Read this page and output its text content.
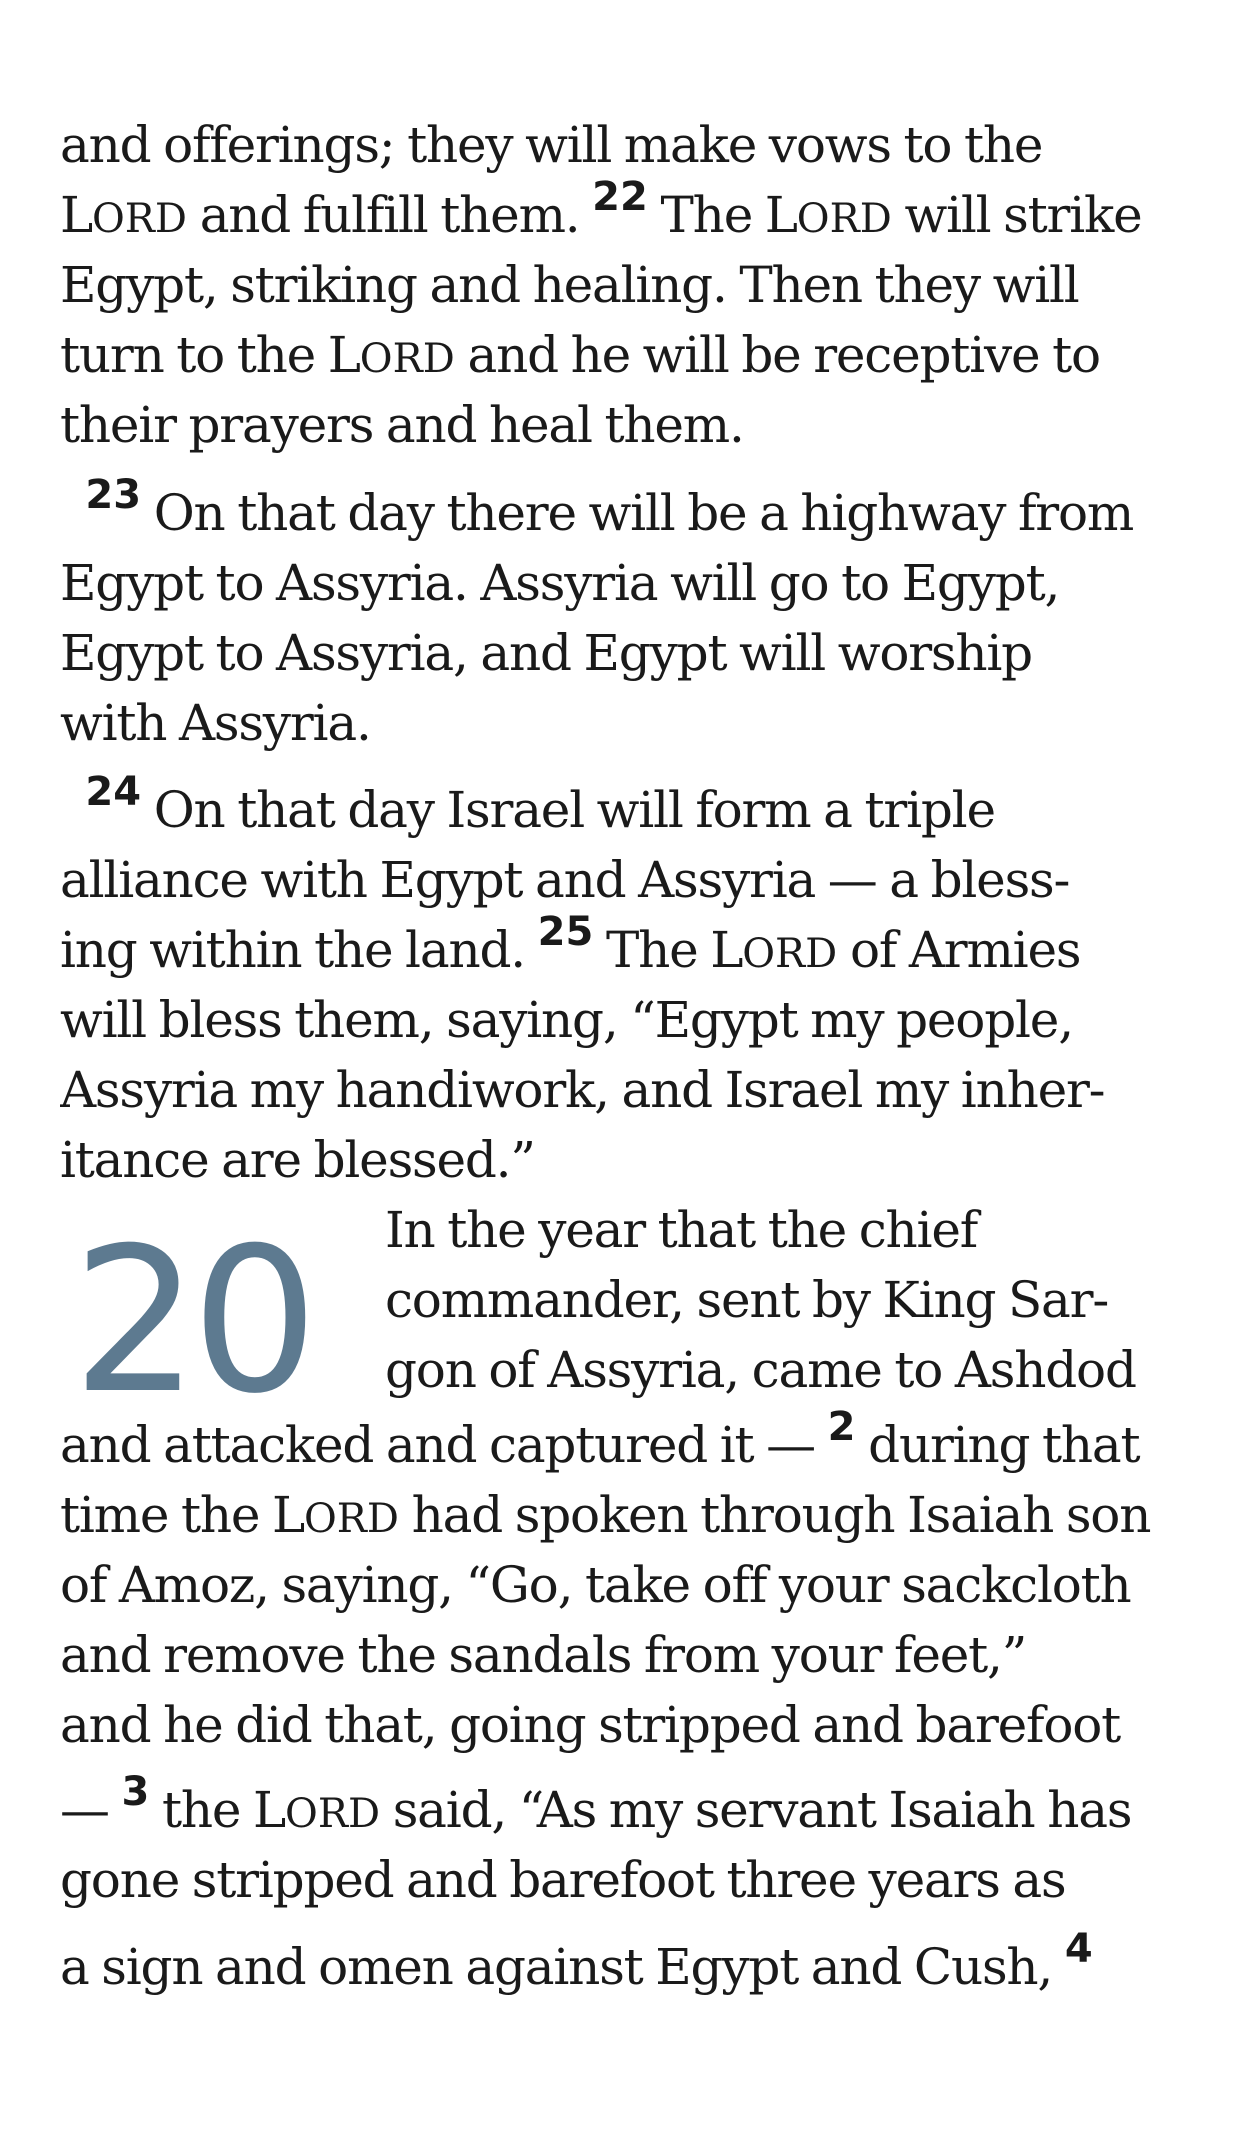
20
and offerings; they will make vows to the
LORD and fulfill them. $^{22}$ The LORD will strike
Egypt, striking and healing. Then they will
turn to the LORD and he will be receptive to
their prayers and heal them.
$^{23}$ On that day there will be a highway from
Egypt to Assyria. Assyria will go to Egypt,
Egypt to Assyria, and Egypt will worship
with Assyria.
$^{24}$ On that day Israel will form a triple
alliance with Egypt and Assyria — a bless-
ing within the land. $^{25}$ The LORD of Armies
will bless them, saying, “Egypt my people,
Assyria my handiwork, and Israel my inher-
itance are blessed.”
In the year that the chief
commander, sent by King Sar-
gon of Assyria, came to Ashdod
and attacked and captured it — $^2$ during that
time the LORD had spoken through Isaiah son
of Amoz, saying, “Go, take off your sackcloth
and remove the sandals from your feet,”
and he did that, going stripped and barefoot
— $^3$ the LORD said, “As my servant Isaiah has
gone stripped and barefoot three years as
a sign and omen against Egypt and Cush, $^4$
